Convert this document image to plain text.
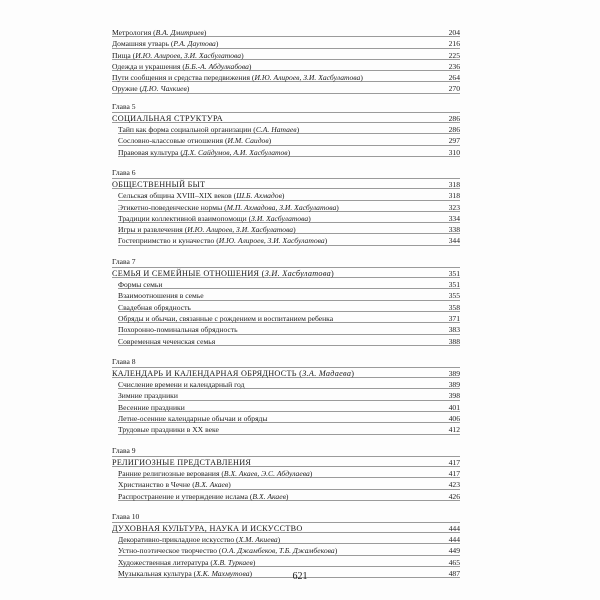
Метрология (В.А. Дмитриев)	204
Домашняя утварь (Р.А. Даутова)	216
Пища (И.Ю. Алироев, З.И. Хасбулатова)	225
Одежда и украшения (Б.Б.-А. Абдулкабова)	236
Пути сообщения и средства передвижения (И.Ю. Алироев, З.И. Хасбулатова)	264
Оружие (Д.Ю. Чахкиев)	270
Глава 5
СОЦИАЛЬНАЯ СТРУКТУРА	286
Тайп как форма социальной организации (С.А. Натаев)	286
Сословно-классовые отношения (И.М. Саидов)	297
Правовая культура (Д.Х. Сайдумов, А.И. Хасбулатов)	310
Глава 6
ОБЩЕСТВЕННЫЙ БЫТ	318
Сельская община XVIII–XIX веков (Ш.Б. Ахмадов)	318
Этикетно-поведенческие нормы (М.П. Ахмадова, З.И. Хасбулатова)	323
Традиции коллективной взаимопомощи (З.И. Хасбулатова)	334
Игры и развлечения (И.Ю. Алироев, З.И. Хасбулатова)	338
Гостеприимство и куначество (И.Ю. Алироев, З.И. Хасбулатова)	344
Глава 7
СЕМЬЯ И СЕМЕЙНЫЕ ОТНОШЕНИЯ (З.И. Хасбулатова)	351
Формы семьи	351
Взаимоотношения в семье	355
Свадебная обрядность	358
Обряды и обычаи, связанные с рождением и воспитанием ребенка	371
Похоронно-поминальная обрядность	383
Современная чеченская семья	388
Глава 8
КАЛЕНДАРЬ И КАЛЕНДАРНАЯ ОБРЯДНОСТЬ (З.А. Мадаева)	389
Счисление времени и календарный год	389
Зимние праздники	398
Весенние праздники	401
Летне-осенние календарные обычаи и обряды	406
Трудовые праздники в XX веке	412
Глава 9
РЕЛИГИОЗНЫЕ ПРЕДСТАВЛЕНИЯ	417
Ранние религиозные верования (В.Х. Акаев, Э.С. Абдулаева)	417
Христианство в Чечне (В.Х. Акаев)	423
Распространение и утверждение ислама (В.Х. Акаев)	426
Глава 10
ДУХОВНАЯ КУЛЬТУРА, НАУКА И ИСКУССТВО	444
Декоративно-прикладное искусство (Х.М. Акиева)	444
Устно-поэтическое творчество (О.А. Джамбеков, Т.Б. Джамбекова)	449
Художественная литература (Х.В. Туркаев)	465
Музыкальная культура (Х.К. Махмутова)	487
621
